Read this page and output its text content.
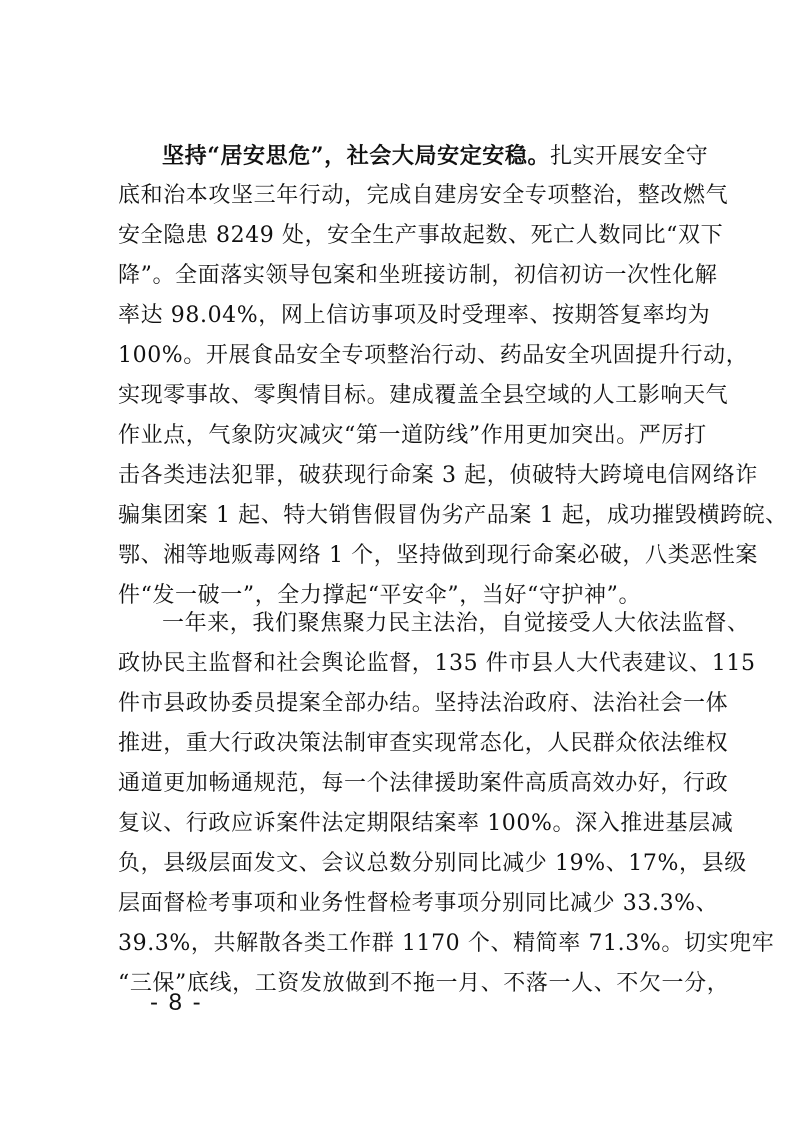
坚持“居安思危”，社会大局安定安稳。扎实开展安全守
底和治本攻坚三年行动，完成自建房安全专项整治，整改燃气
安全隐患 8249 处，安全生产事故起数、死亡人数同比“双下
降”。全面落实领导包案和坐班接访制，初信初访一次性化解
率达 98.04%，网上信访事项及时受理率、按期答复率均为
100%。开展食品安全专项整治行动、药品安全巩固提升行动，
实现零事故、零舆情目标。建成覆盖全县空域的人工影响天气
作业点，气象防灾减灾“第一道防线”作用更加突出。严厉打
击各类违法犯罪，破获现行命案 3 起，侦破特大跨境电信网络诈
骗集团案 1 起、特大销售假冒伪劣产品案 1 起，成功摧毁横跨皖、
鄂、湘等地贩毒网络 1 个，坚持做到现行命案必破，八类恶性案
件“发一破一”，全力撑起“平安伞”，当好“守护神”。
一年来，我们聚焦聚力民主法治，自觉接受人大依法监督、
政协民主监督和社会舆论监督，135 件市县人大代表建议、115
件市县政协委员提案全部办结。坚持法治政府、法治社会一体
推进，重大行政决策法制审查实现常态化，人民群众依法维权
通道更加畅通规范，每一个法律援助案件高质高效办好，行政
复议、行政应诉案件法定期限结案率 100%。深入推进基层减
负，县级层面发文、会议总数分别同比减少 19%、17%，县级
层面督检考事项和业务性督检考事项分别同比减少 33.3%、
39.3%，共解散各类工作群 1170 个、精简率 71.3%。切实兜牢
“三保”底线，工资发放做到不拖一月、不落一人、不欠一分，
- 8 -
